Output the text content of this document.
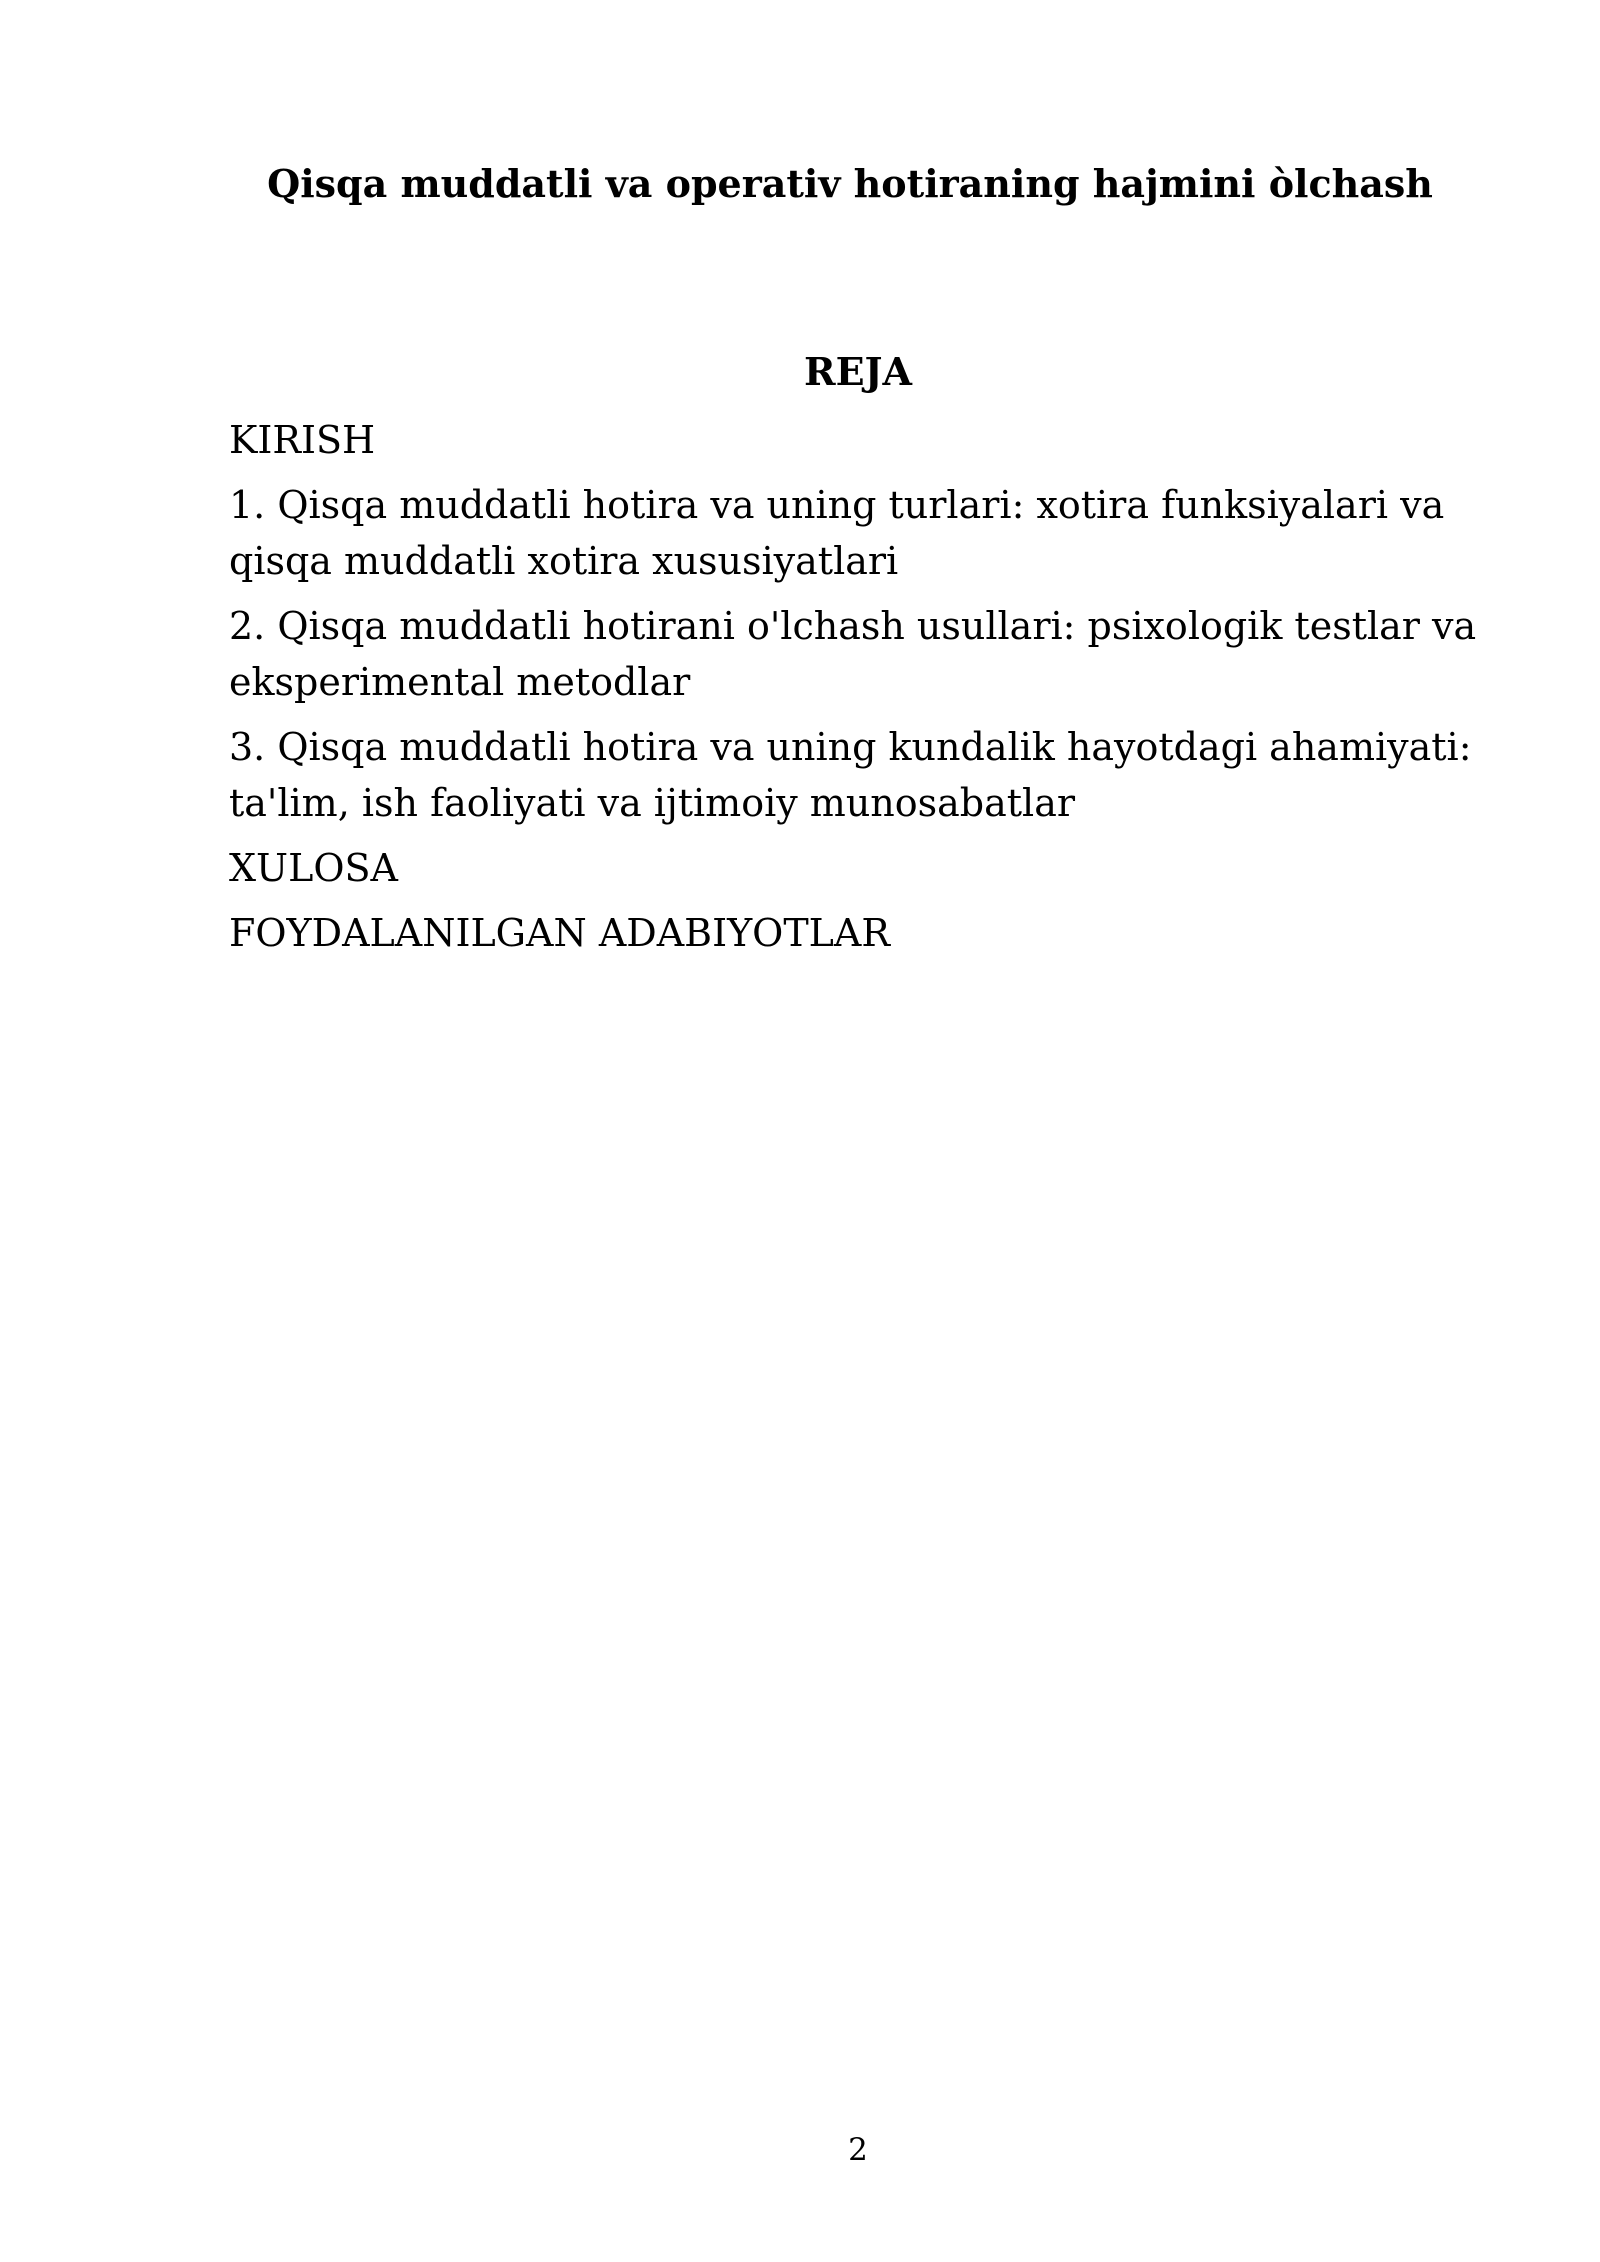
Qisqa muddatli va operativ hotiraning hajmini òlchash
REJA
KIRISH
1. Qisqa muddatli hotira va uning turlari: xotira funksiyalari va qisqa muddatli xotira xususiyatlari
2. Qisqa muddatli hotirani o'lchash usullari: psixologik testlar va eksperimental metodlar
3. Qisqa muddatli hotira va uning kundalik hayotdagi ahamiyati: ta'lim, ish faoliyati va ijtimoiy munosabatlar
XULOSA
FOYDALANILGAN ADABIYOTLAR
2
